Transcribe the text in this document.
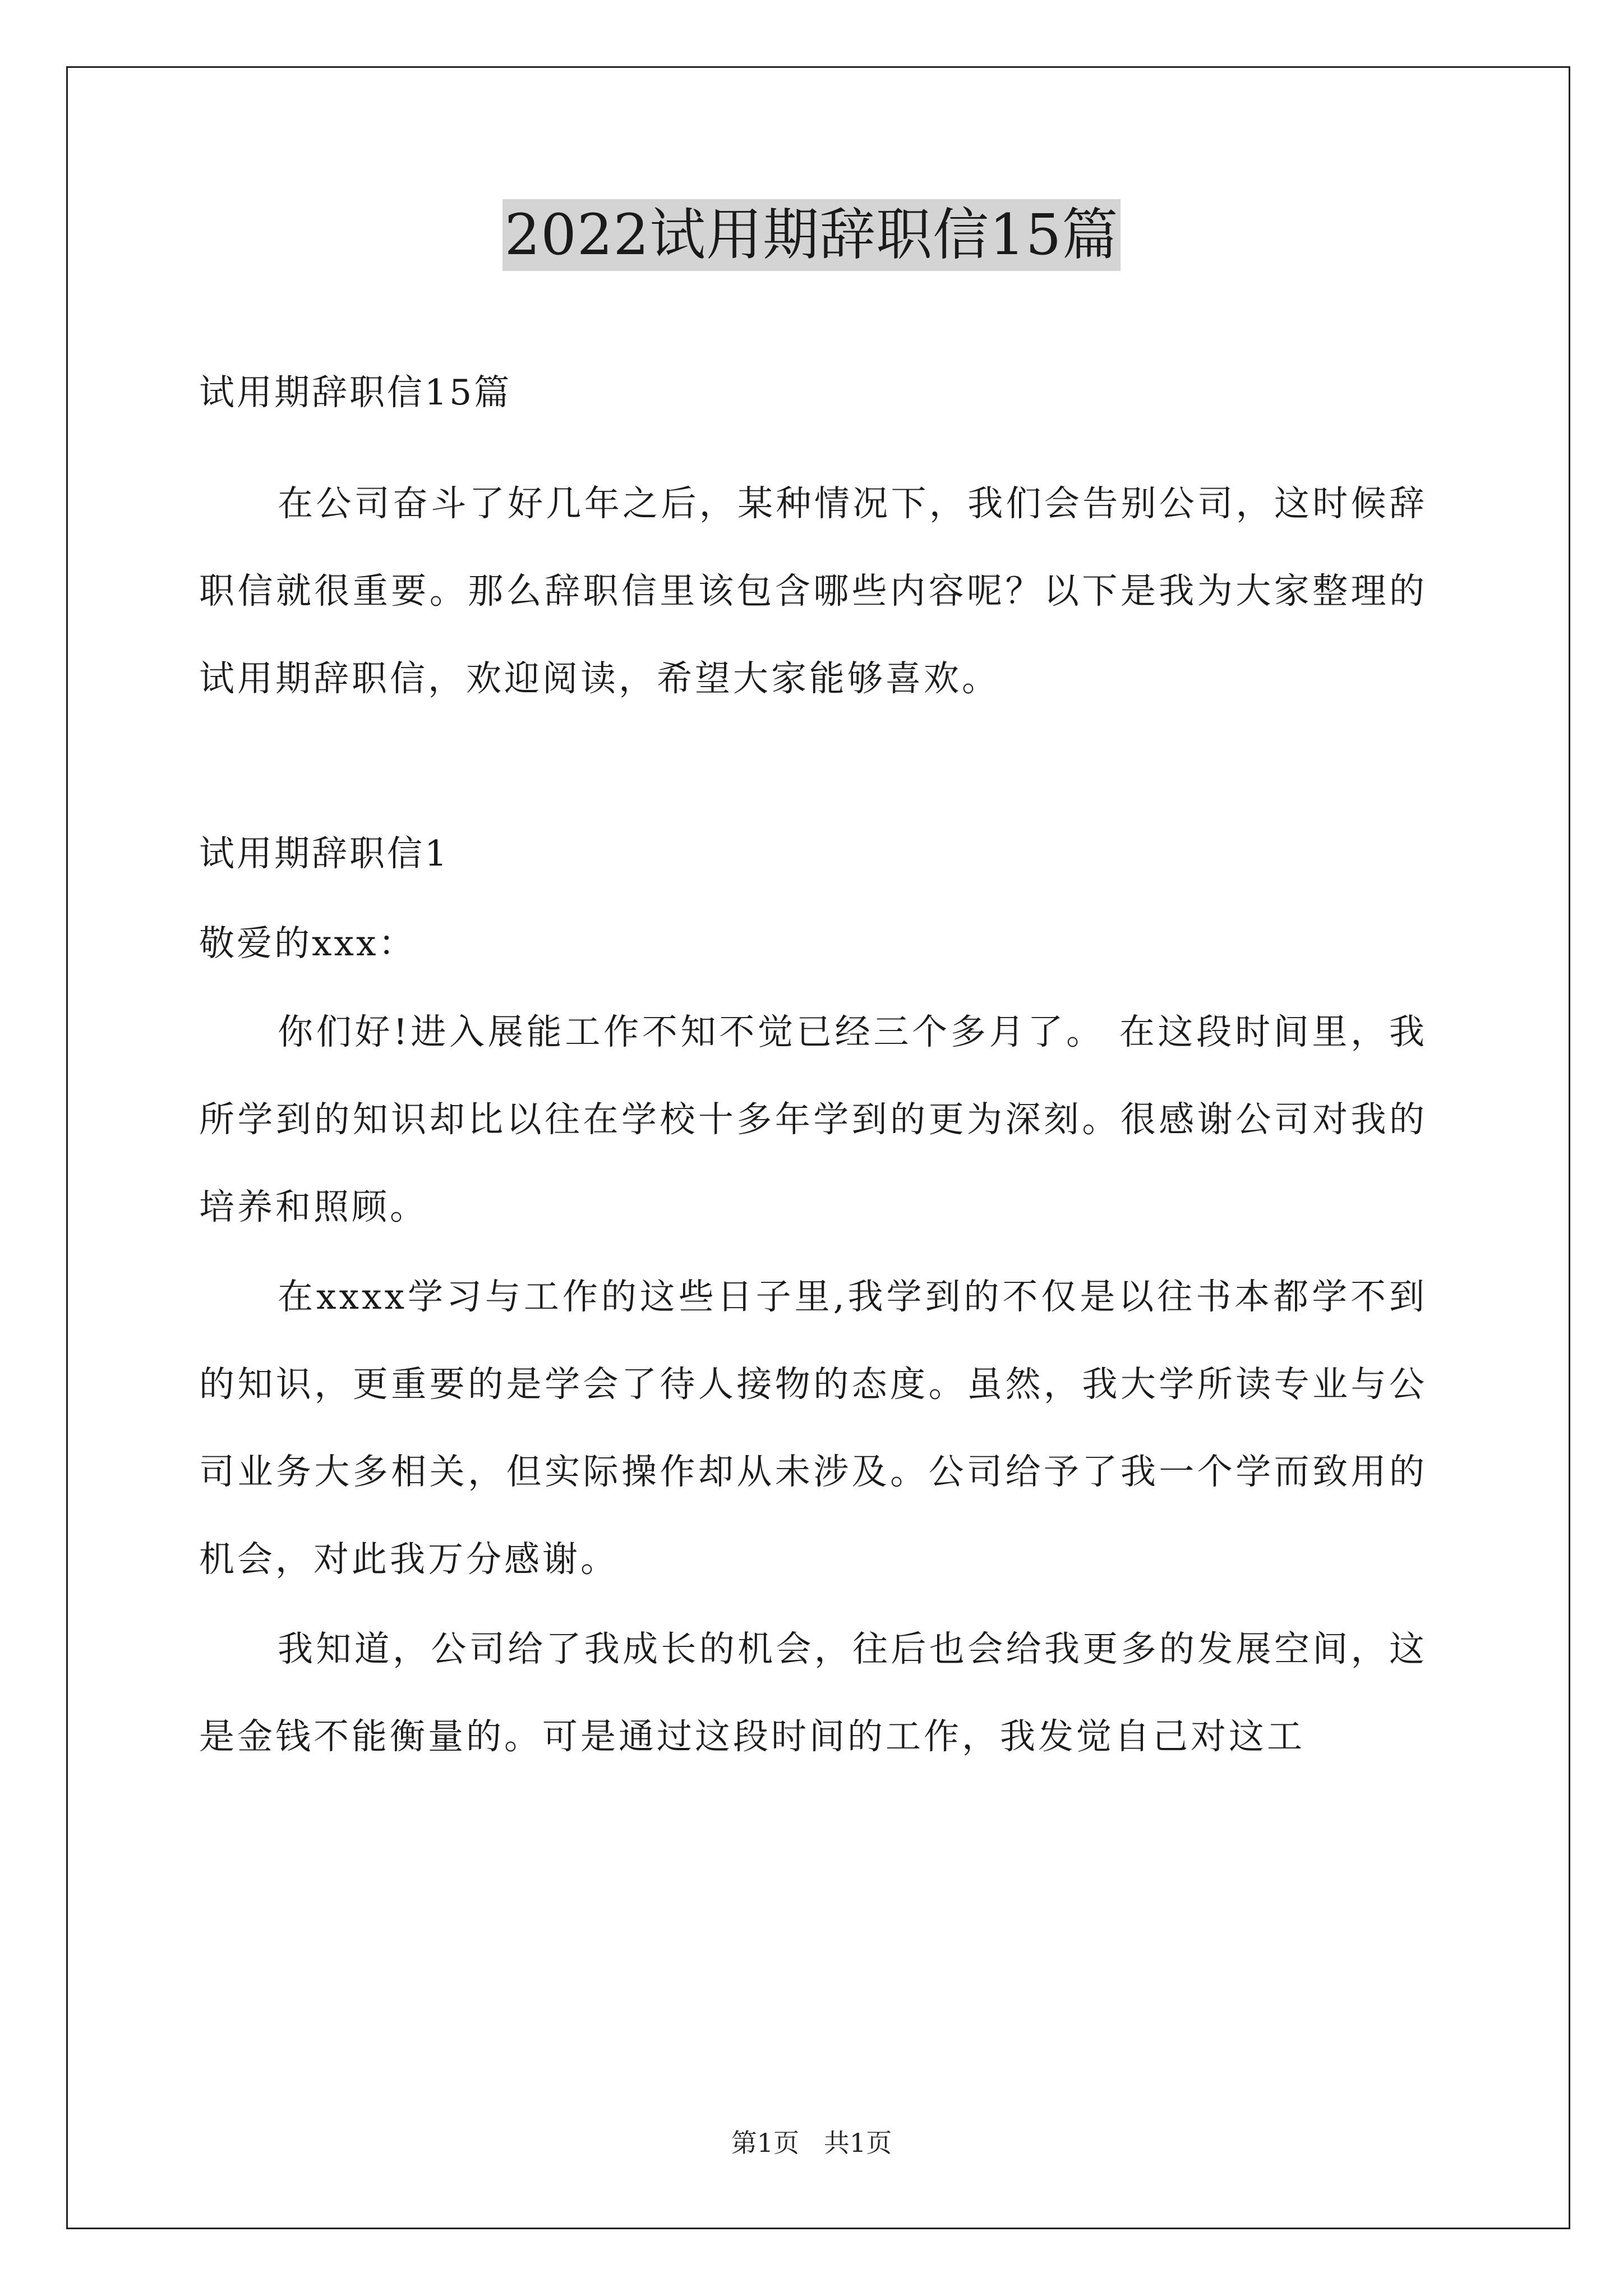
2022试用期辞职信15篇
试用期辞职信15篇

在公司奋斗了好几年之后，某种情况下，我们会告别公司，这时候辞职信就很重要。那么辞职信里该包含哪些内容呢？以下是我为大家整理的试用期辞职信，欢迎阅读，希望大家能够喜欢。

试用期辞职信1
敬爱的xxx：

你们好!进入展能工作不知不觉已经三个多月了。 在这段时间里，我所学到的知识却比以往在学校十多年学到的更为深刻。很感谢公司对我的培养和照顾。

在xxxx学习与工作的这些日子里,我学到的不仅是以往书本都学不到的知识，更重要的是学会了待人接物的态度。虽然，我大学所读专业与公司业务大多相关，但实际操作却从未涉及。公司给予了我一个学而致用的机会，对此我万分感谢。

我知道，公司给了我成长的机会，往后也会给我更多的发展空间，这是金钱不能衡量的。可是通过这段时间的工作，我发觉自己对这工

第1页   共1页
